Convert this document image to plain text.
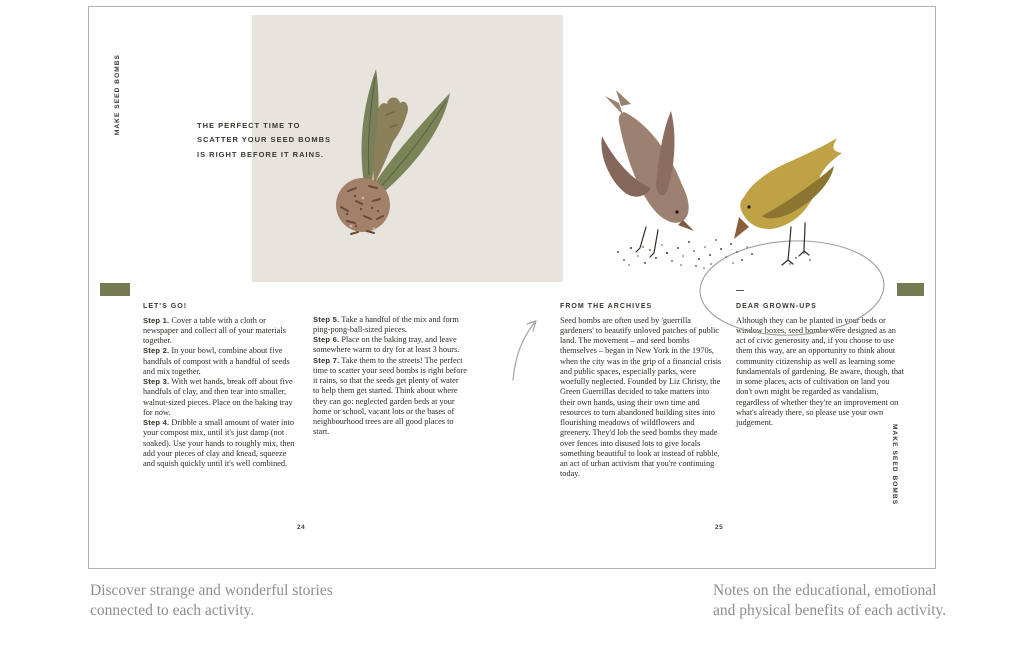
MAKE SEED BOMBS	THE PERFECT TIME TO
SCATTER YOUR SEED BOMBS
IS RIGHT BEFORE IT RAINS.
LET'S GO!

Step 1. Cover a table with a cloth or newspaper and collect all of your materials together.

Step 2. In your bowl, combine about five handfuls of compost with a handful of seeds and mix together.

Step 3. With wet hands, break off about five handfuls of clay, and then tear into smaller, walnut-sized pieces. Place on the baking tray for now.

Step 4. Dribble a small amount of water into your compost mix, until it's just damp (not soaked). Use your hands to roughly mix, then add your pieces of clay and knead, squeeze and squish quickly until it's well combined.

Step 5. Take a handful of the mix and form ping-pong-ball-sized pieces.

Step 6. Place on the baking tray, and leave somewhere warm to dry for at least 3 hours.

Step 7. Take them to the streets! The perfect time to scatter your seed bombs is right before it rains, so that the seeds get plenty of water to help them get started. Think about where they can go: neglected garden beds at your home or school, vacant lots or the bases of neighbourhood trees are all good places to start.

FROM THE ARCHIVES

Seed bombs are often used by 'guerrilla gardeners' to beautify unloved patches of public land. The movement – and seed bombs themselves – began in New York in the 1970s, when the city was in the grip of a financial crisis and public spaces, especially parks, were woefully neglected. Founded by Liz Christy, the Green Guerrillas decided to take matters into their own hands, using their own time and resources to turn abandoned building sites into flourishing meadows of wildflowers and greenery. They'd lob the seed bombs they made over fences into disused lots to give locals something beautiful to look at instead of rubble, an act of urban activism that you're continuing today.

—
DEAR GROWN-UPS

Although they can be planted in your beds or window boxes, seed bombs were designed as an act of civic generosity and, if you choose to use them this way, are an opportunity to think about community citizenship as well as learning some fundamentals of gardening. Be aware, though, that in some places, acts of cultivation on land you don't own might be regarded as vandalism, regardless of whether they're an improvement on what's already there, so please use your own judgement.

24	25
MAKE SEED BOMBS
Discover strange and wonderful stories
connected to each activity.
Notes on the educational, emotional
and physical benefits of each activity.
